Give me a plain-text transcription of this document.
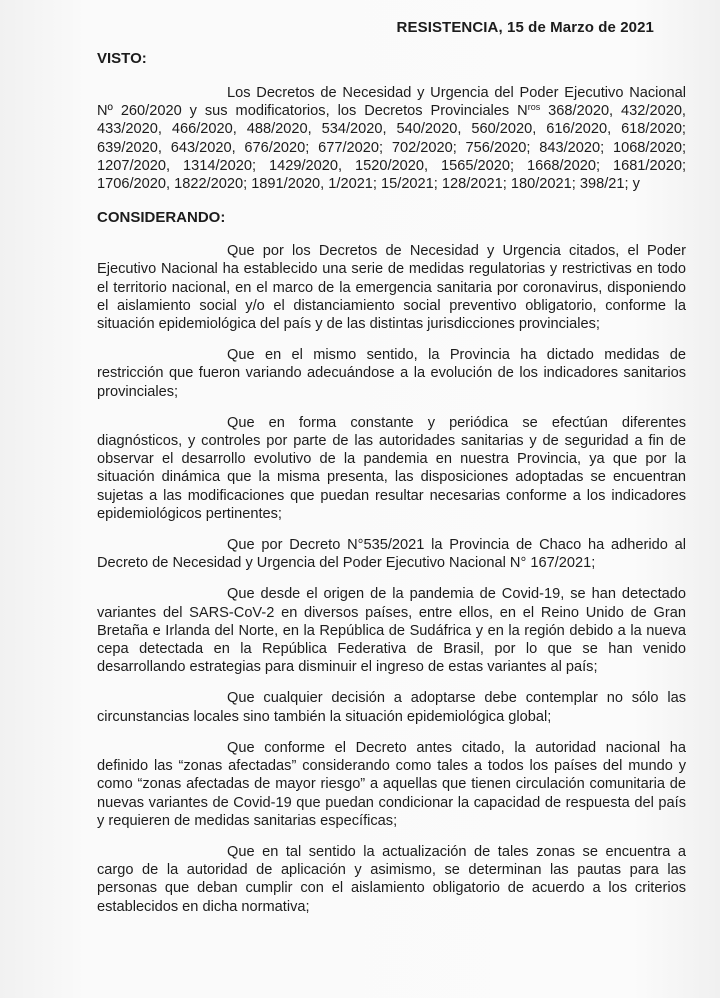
RESISTENCIA, 15 de Marzo de 2021
VISTO:

Los Decretos de Necesidad y Urgencia del Poder Ejecutivo Nacional Nº 260/2020 y sus modificatorios, los Decretos Provinciales $N^{ros}$ 368/2020, 432/2020, 433/2020, 466/2020, 488/2020, 534/2020, 540/2020, 560/2020, 616/2020, 618/2020; 639/2020, 643/2020, 676/2020; 677/2020; 702/2020; 756/2020; 843/2020; 1068/2020; 1207/2020, 1314/2020; 1429/2020, 1520/2020, 1565/2020; 1668/2020; 1681/2020; 1706/2020, 1822/2020; 1891/2020, 1/2021; 15/2021; 128/2021; 180/2021; 398/21; y

CONSIDERANDO:

Que por los Decretos de Necesidad y Urgencia citados, el Poder Ejecutivo Nacional ha establecido una serie de medidas regulatorias y restrictivas en todo el territorio nacional, en el marco de la emergencia sanitaria por coronavirus, disponiendo el aislamiento social y/o el distanciamiento social preventivo obligatorio, conforme la situación epidemiológica del país y de las distintas jurisdicciones provinciales;

Que en el mismo sentido, la Provincia ha dictado medidas de restricción que fueron variando adecuándose a la evolución de los indicadores sanitarios provinciales;

Que en forma constante y periódica se efectúan diferentes diagnósticos, y controles por parte de las autoridades sanitarias y de seguridad a fin de observar el desarrollo evolutivo de la pandemia en nuestra Provincia, ya que por la situación dinámica que la misma presenta, las disposiciones adoptadas se encuentran sujetas a las modificaciones que puedan resultar necesarias conforme a los indicadores epidemiológicos pertinentes;

Que por Decreto N°535/2021 la Provincia de Chaco ha adherido al Decreto de Necesidad y Urgencia del Poder Ejecutivo Nacional N° 167/2021;

Que desde el origen de la pandemia de Covid-19, se han detectado variantes del SARS-CoV-2 en diversos países, entre ellos, en el Reino Unido de Gran Bretaña e Irlanda del Norte, en la República de Sudáfrica y en la región debido a la nueva cepa detectada en la República Federativa de Brasil, por lo que se han venido desarrollando estrategias para disminuir el ingreso de estas variantes al país;

Que cualquier decisión a adoptarse debe contemplar no sólo las circunstancias locales sino también la situación epidemiológica global;

Que conforme el Decreto antes citado, la autoridad nacional ha definido las “zonas afectadas” considerando como tales a todos los países del mundo y como “zonas afectadas de mayor riesgo” a aquellas que tienen circulación comunitaria de nuevas variantes de Covid-19 que puedan condicionar la capacidad de respuesta del país y requieren de medidas sanitarias específicas;

Que en tal sentido la actualización de tales zonas se encuentra a cargo de la autoridad de aplicación y asimismo, se determinan las pautas para las personas que deban cumplir con el aislamiento obligatorio de acuerdo a los criterios establecidos en dicha normativa;
